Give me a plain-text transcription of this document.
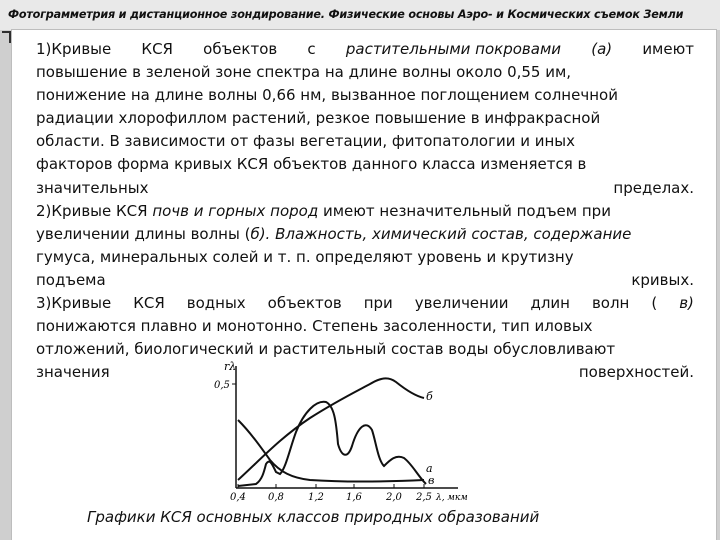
Фотограмметрия и дистанционное зондирование. Физические основы Аэро- и Космических съемок Земли
1)Кривые КСЯ объектов с растительными покровами (а) имеют
повышение в зеленой зоне спектра на длине волны около 0,55 им,
понижение на длине волны 0,66 нм, вызванное поглощением солнечной
радиации хлорофиллом растений, резкое повышение в инфракрасной
области. В зависимости от фазы вегетации, фитопатологии и иных
факторов форма кривых КСЯ объектов данного класса изменяется в
значительных	пределах.
2)Кривые КСЯ почв и горных пород имеют незначительный подъем при
увеличении длины волны (б). Влажность, химический состав, содержание
гумуса, минеральных солей и т. п. определяют уровень и крутизну
подъема	кривых.
3)Кривые КСЯ водных объектов при увеличении длин волн ( в)
понижаются плавно и монотонно. Степень засоленности, тип иловых
отложений, биологический и растительный состав воды обусловливают
значения	поверхностей.
rλ
0,5
0,4 0,8 1,2 1,6 2,0 2,5 λ, мкм
б
а
в
Графики КСЯ основных классов природных образований
